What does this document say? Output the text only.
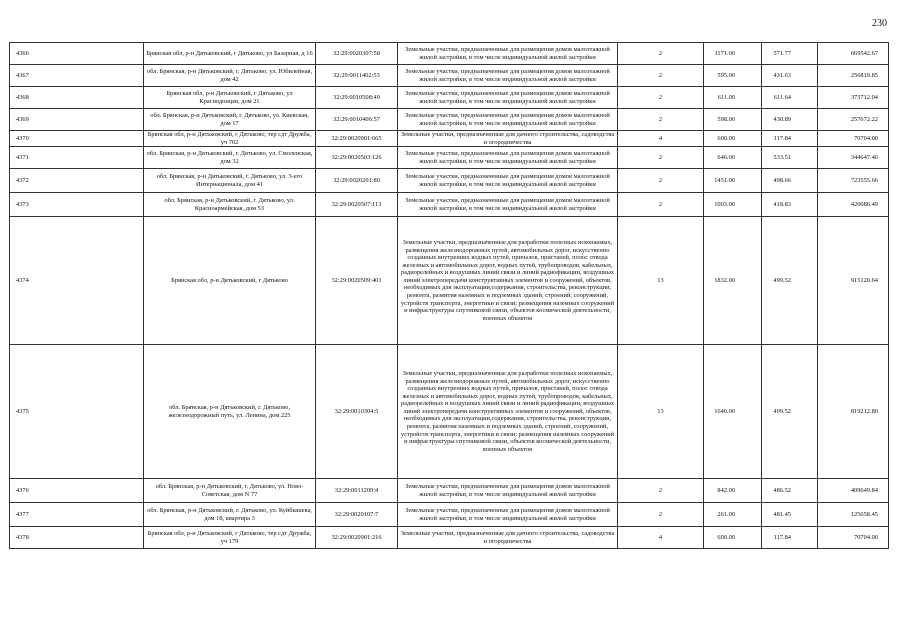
230
4366	Брянская обл, р-н Дятьковский, г Дятьково, ул Базарная, д 16	32:29:0020307:58	Земельные участки, предназначенные для размещения домов малоэтажной жилой застройки, в том числе индивидуальной жилой застройки	2	1171.00	571.77	669542.67
4367	обл. Брянская, р-н Дятьковский, г. Дятьково, ул. Юбилейная, дом 42	32:29:0011402:53	Земельные участки, предназначенные для размещения домов малоэтажной жилой застройки, в том числе индивидуальной жилой застройки	2	595.00	431.63	256819.85
4368	Брянская обл, р-н Дятьковский, г Дятьково, ул Краснодонцев, дом 21	32:29:0010508:49	Земельные участки, предназначенные для размещения домов малоэтажной жилой застройки, в том числе индивидуальной жилой застройки	2	611.00	611.64	373712.04
4369	обл. Брянская, р-н Дятьковский, г. Дятьково, ул. Киевская, дом 17	32:29:0010406:57	Земельные участки, предназначенные для размещения домов малоэтажной жилой застройки, в том числе индивидуальной жилой застройки	2	598.00	430.89	257672.22
4370	Брянская обл, р-н Дятьковский, г Дятьково, тер сдт Дружба, уч 702	32:29:0020901:665	Земельные участки, предназначенные для дачного строительства, садоводства и огородничества	4	600.00	117.84	70704.00
4371	обл. Брянская, р-н Дятьковский, г. Дятьково, ул. Смоленская, дом 32	32:29:0020503:126	Земельные участки, предназначенные для размещения домов малоэтажной жилой застройки, в том числе индивидуальной жилой застройки	2	646.00	533.51	344647.46
4372	обл. Брянская, р-н Дятьковский, г. Дятьково, ул. 3-его Интернационала, дом 41	32:29:0020201:80	Земельные участки, предназначенные для размещения домов малоэтажной жилой застройки, в том числе индивидуальной жилой застройки	2	1451.00	498.66	723555.66
4373	обл. Брянская, р-н Дятьковский, г. Дятьково, ул. Красноармейская, дом 53	32:29:0020507:113	Земельные участки, предназначенные для размещения домов малоэтажной жилой застройки, в том числе индивидуальной жилой застройки	2	1003.00	418.83	420086.49
4374	Брянская обл, р-н Дятьковский, г Дятьково	32:29:0020509:401	Земельные участки, предназначенные для разработки полезных ископаемых, размещения железнодорожных путей, автомобильных дорог, искусственно созданных внутренних водных путей, причалов, пристаней, полос отвода железных и автомобильных дорог, водных путей, трубопроводов, кабельных, радиорелейных и воздушных линий связи и линий радиофикации, воздушных линий электропередачи конструктивных элементов и сооружений, объектов, необходимых для эксплуатации,содержания, строительства, реконструкции, ремонта, развития наземных и подземных зданий, строений, сооружений, устройств транспорта, энергетики и связи; размещения наземных сооружений и инфраструктуры спутниковой связи, объектов космической деятельности, военных объектов	13	1832.00	499.52	915120.64
4375	обл. Брянская, р-н Дятьковский, г. Дятьково, железнодорожный путь, ул. Ленина, дом 225	32:29:0010304:5	Земельные участки, предназначенные для разработки полезных ископаемых, размещения железнодорожных путей, автомобильных дорог, искусственно созданных внутренних водных путей, причалов, пристаней, полос отвода железных и автомобильных дорог, водных путей, трубопроводов, кабельных, радиорелейных и воздушных линий связи и линий радиофикации, воздушных линий электропередачи конструктивных элементов и сооружений, объектов, необходимых для эксплуатации,содержания, строительства, реконструкции, ремонта, развития наземных и подземных зданий, строений, сооружений, устройств транспорта, энергетики и связи; размещения наземных сооружений и инфраструктуры спутниковой связи, объектов космической деятельности, военных объектов	13	1640.00	499.52	819212.80
4376	обл. Брянская, р-н Дятьковский, г. Дятьково, ул. Ново-Советская, дом N 77	32:29:0011209:4	Земельные участки, предназначенные для размещения домов малоэтажной жилой застройки, в том числе индивидуальной жилой застройки	2	842.00	486.52	409649.84
4377	обл. Брянская, р-н Дятьковский, г. Дятьково, ул. Куйбышева, дом 18, квартира 3	32:29:0020107:7	Земельные участки, предназначенные для размещения домов малоэтажной жилой застройки, в том числе индивидуальной жилой застройки	2	261.00	481.45	125658.45
4378	Брянская обл, р-н Дятьковский, г Дятьково, тер сдт Дружба, уч 179	32:29:0020901:216	Земельные участки, предназначенные для дачного строительства, садоводства и огородничества	4	600.00	117.84	70704.00
